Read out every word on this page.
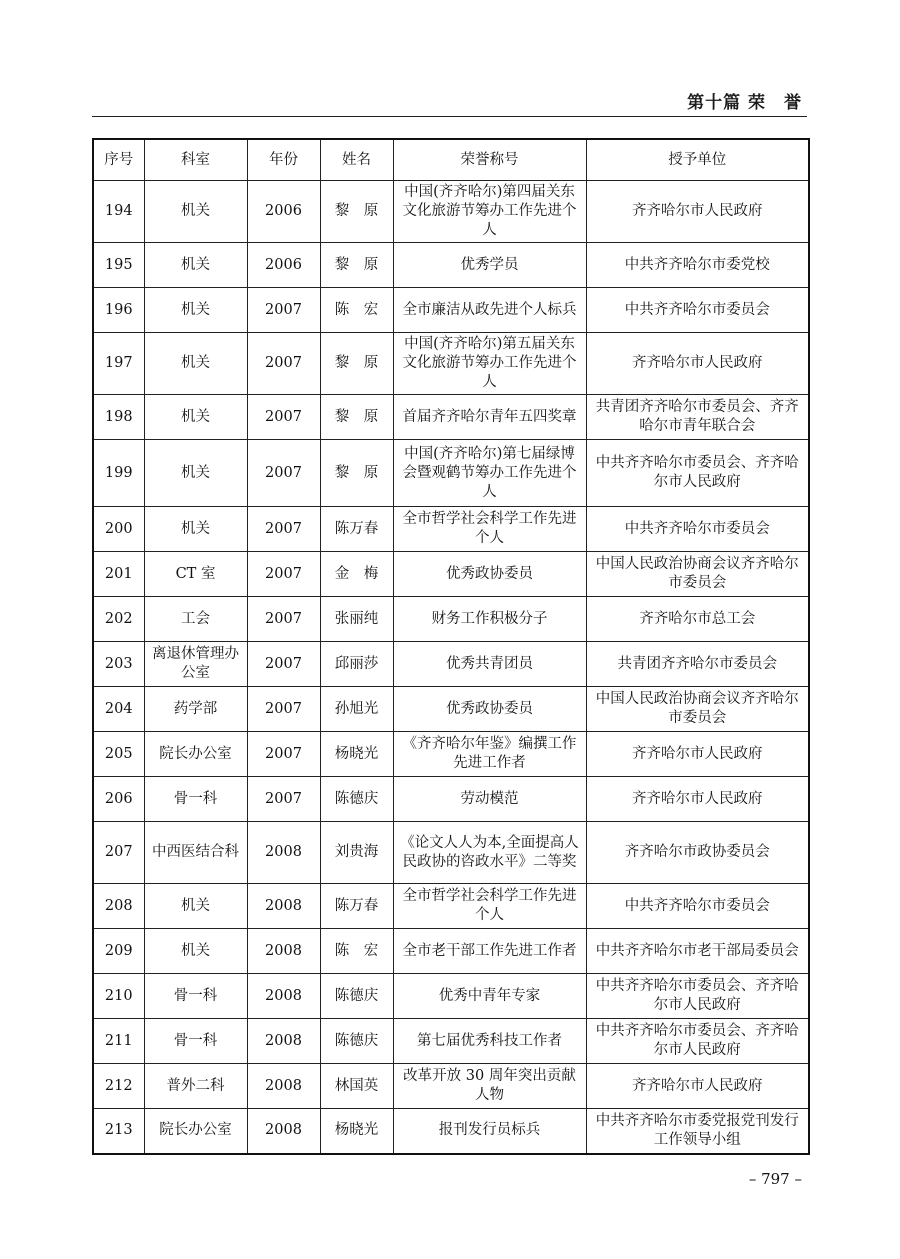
第十篇 荣　誉
序号	科室	年份	姓名	荣誉称号	授予单位
194	机关	2006	黎　原	中国(齐齐哈尔)第四届关东文化旅游节筹办工作先进个人	齐齐哈尔市人民政府
195	机关	2006	黎　原	优秀学员	中共齐齐哈尔市委党校
196	机关	2007	陈　宏	全市廉洁从政先进个人标兵	中共齐齐哈尔市委员会
197	机关	2007	黎　原	中国(齐齐哈尔)第五届关东文化旅游节筹办工作先进个人	齐齐哈尔市人民政府
198	机关	2007	黎　原	首届齐齐哈尔青年五四奖章	共青团齐齐哈尔市委员会、齐齐哈尔市青年联合会
199	机关	2007	黎　原	中国(齐齐哈尔)第七届绿博会暨观鹤节筹办工作先进个人	中共齐齐哈尔市委员会、齐齐哈尔市人民政府
200	机关	2007	陈万春	全市哲学社会科学工作先进个人	中共齐齐哈尔市委员会
201	CT 室	2007	金　梅	优秀政协委员	中国人民政治协商会议齐齐哈尔市委员会
202	工会	2007	张丽纯	财务工作积极分子	齐齐哈尔市总工会
203	离退休管理办公室	2007	邱丽莎	优秀共青团员	共青团齐齐哈尔市委员会
204	药学部	2007	孙旭光	优秀政协委员	中国人民政治协商会议齐齐哈尔市委员会
205	院长办公室	2007	杨晓光	《齐齐哈尔年鉴》编撰工作先进工作者	齐齐哈尔市人民政府
206	骨一科	2007	陈德庆	劳动模范	齐齐哈尔市人民政府
207	中西医结合科	2008	刘贵海	《论文人人为本,全面提高人民政协的咨政水平》二等奖	齐齐哈尔市政协委员会
208	机关	2008	陈万春	全市哲学社会科学工作先进个人	中共齐齐哈尔市委员会
209	机关	2008	陈　宏	全市老干部工作先进工作者	中共齐齐哈尔市老干部局委员会
210	骨一科	2008	陈德庆	优秀中青年专家	中共齐齐哈尔市委员会、齐齐哈尔市人民政府
211	骨一科	2008	陈德庆	第七届优秀科技工作者	中共齐齐哈尔市委员会、齐齐哈尔市人民政府
212	普外二科	2008	林国英	改革开放 30 周年突出贡献人物	齐齐哈尔市人民政府
213	院长办公室	2008	杨晓光	报刊发行员标兵	中共齐齐哈尔市委党报党刊发行工作领导小组
– 797 –
